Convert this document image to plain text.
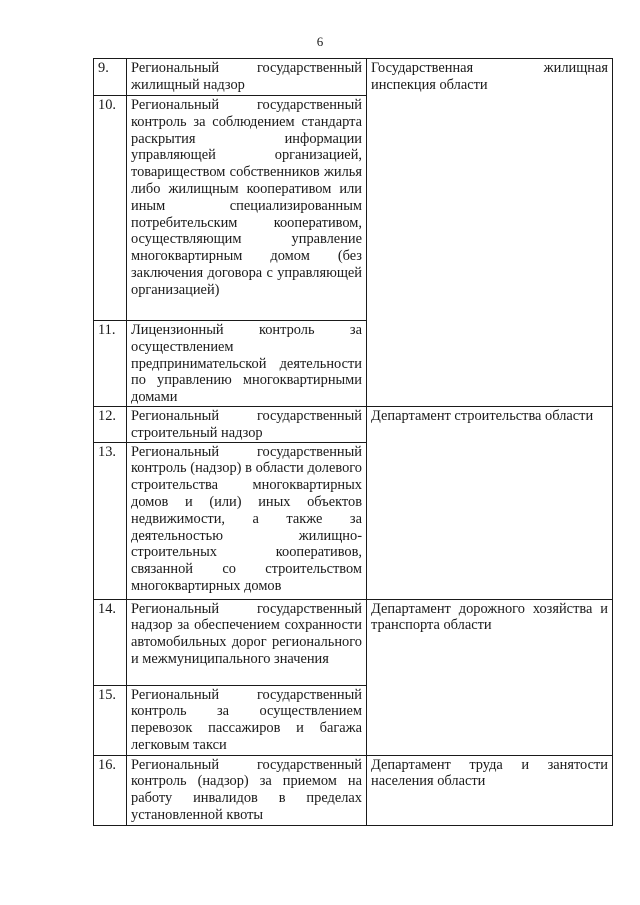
6
9.	Региональный государственный жилищный надзор	Государственная жилищная инспекция области
10.	Региональный государственный контроль за соблюдением стандарта раскрытия информации управляющей организацией, товариществом собственников жилья либо жилищным кооперативом или иным специализированным потребительским кооперативом, осуществляющим управление многоквартирным домом (без заключения договора с управляющей организацией)	
11.	Лицензионный контроль за осуществлением предпринимательской деятельности по управлению многоквартирными домами	
12.	Региональный государственный строительный надзор	Департамент строительства области
13.	Региональный государственный контроль (надзор) в области долевого строительства многоквартирных домов и (или) иных объектов недвижимости, а также за деятельностью жилищно-строительных кооперативов, связанной со строительством многоквартирных домов	
14.	Региональный государственный надзор за обеспечением сохранности автомобильных дорог регионального и межмуниципального значения	Департамент дорожного хозяйства и транспорта области
15.	Региональный государственный контроль за осуществлением перевозок пассажиров и багажа легковым такси	
16.	Региональный государственный контроль (надзор) за приемом на работу инвалидов в пределах установленной квоты	Департамент труда и занятости населения области
